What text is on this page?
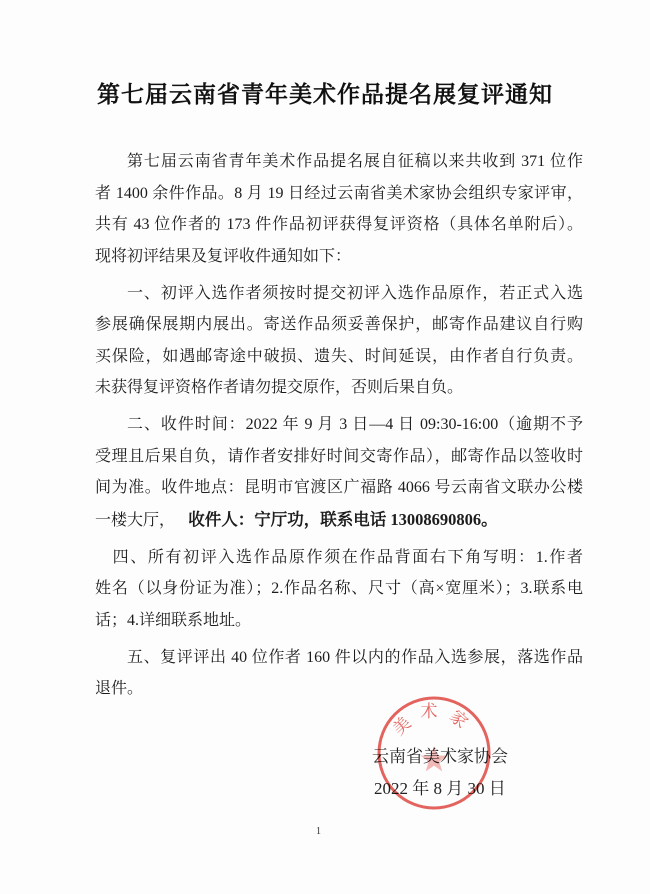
第七届云南省青年美术作品提名展复评通知
第七届云南省青年美术作品提名展自征稿以来共收到 371 位作
者 1400 余件作品。8 月 19 日经过云南省美术家协会组织专家评审，
共有 43 位作者的 173 件作品初评获得复评资格（具体名单附后）。
现将初评结果及复评收件通知如下：
一、初评入选作者须按时提交初评入选作品原作，若正式入选
参展确保展期内展出。寄送作品须妥善保护，邮寄作品建议自行购
买保险，如遇邮寄途中破损、遗失、时间延误，由作者自行负责。
未获得复评资格作者请勿提交原作，否则后果自负。
二、收件时间：2022 年 9 月 3 日—4 日 09:30-16:00（逾期不予
受理且后果自负，请作者安排好时间交寄作品），邮寄作品以签收时
间为准。收件地点：昆明市官渡区广福路 4066 号云南省文联办公楼
一楼大厅， 收件人：宁厅功，联系电话 13008690806。
四、所有初评入选作品原作须在作品背面右下角写明：1.作者
姓名（以身份证为准）；2.作品名称、尺寸（高×宽厘米）；3.联系电
话；4.详细联系地址。
五、复评评出 40 位作者 160 件以内的作品入选参展，落选作品
退件。
云南省美术家协会
2022 年 8 月 30 日
美术家
1
